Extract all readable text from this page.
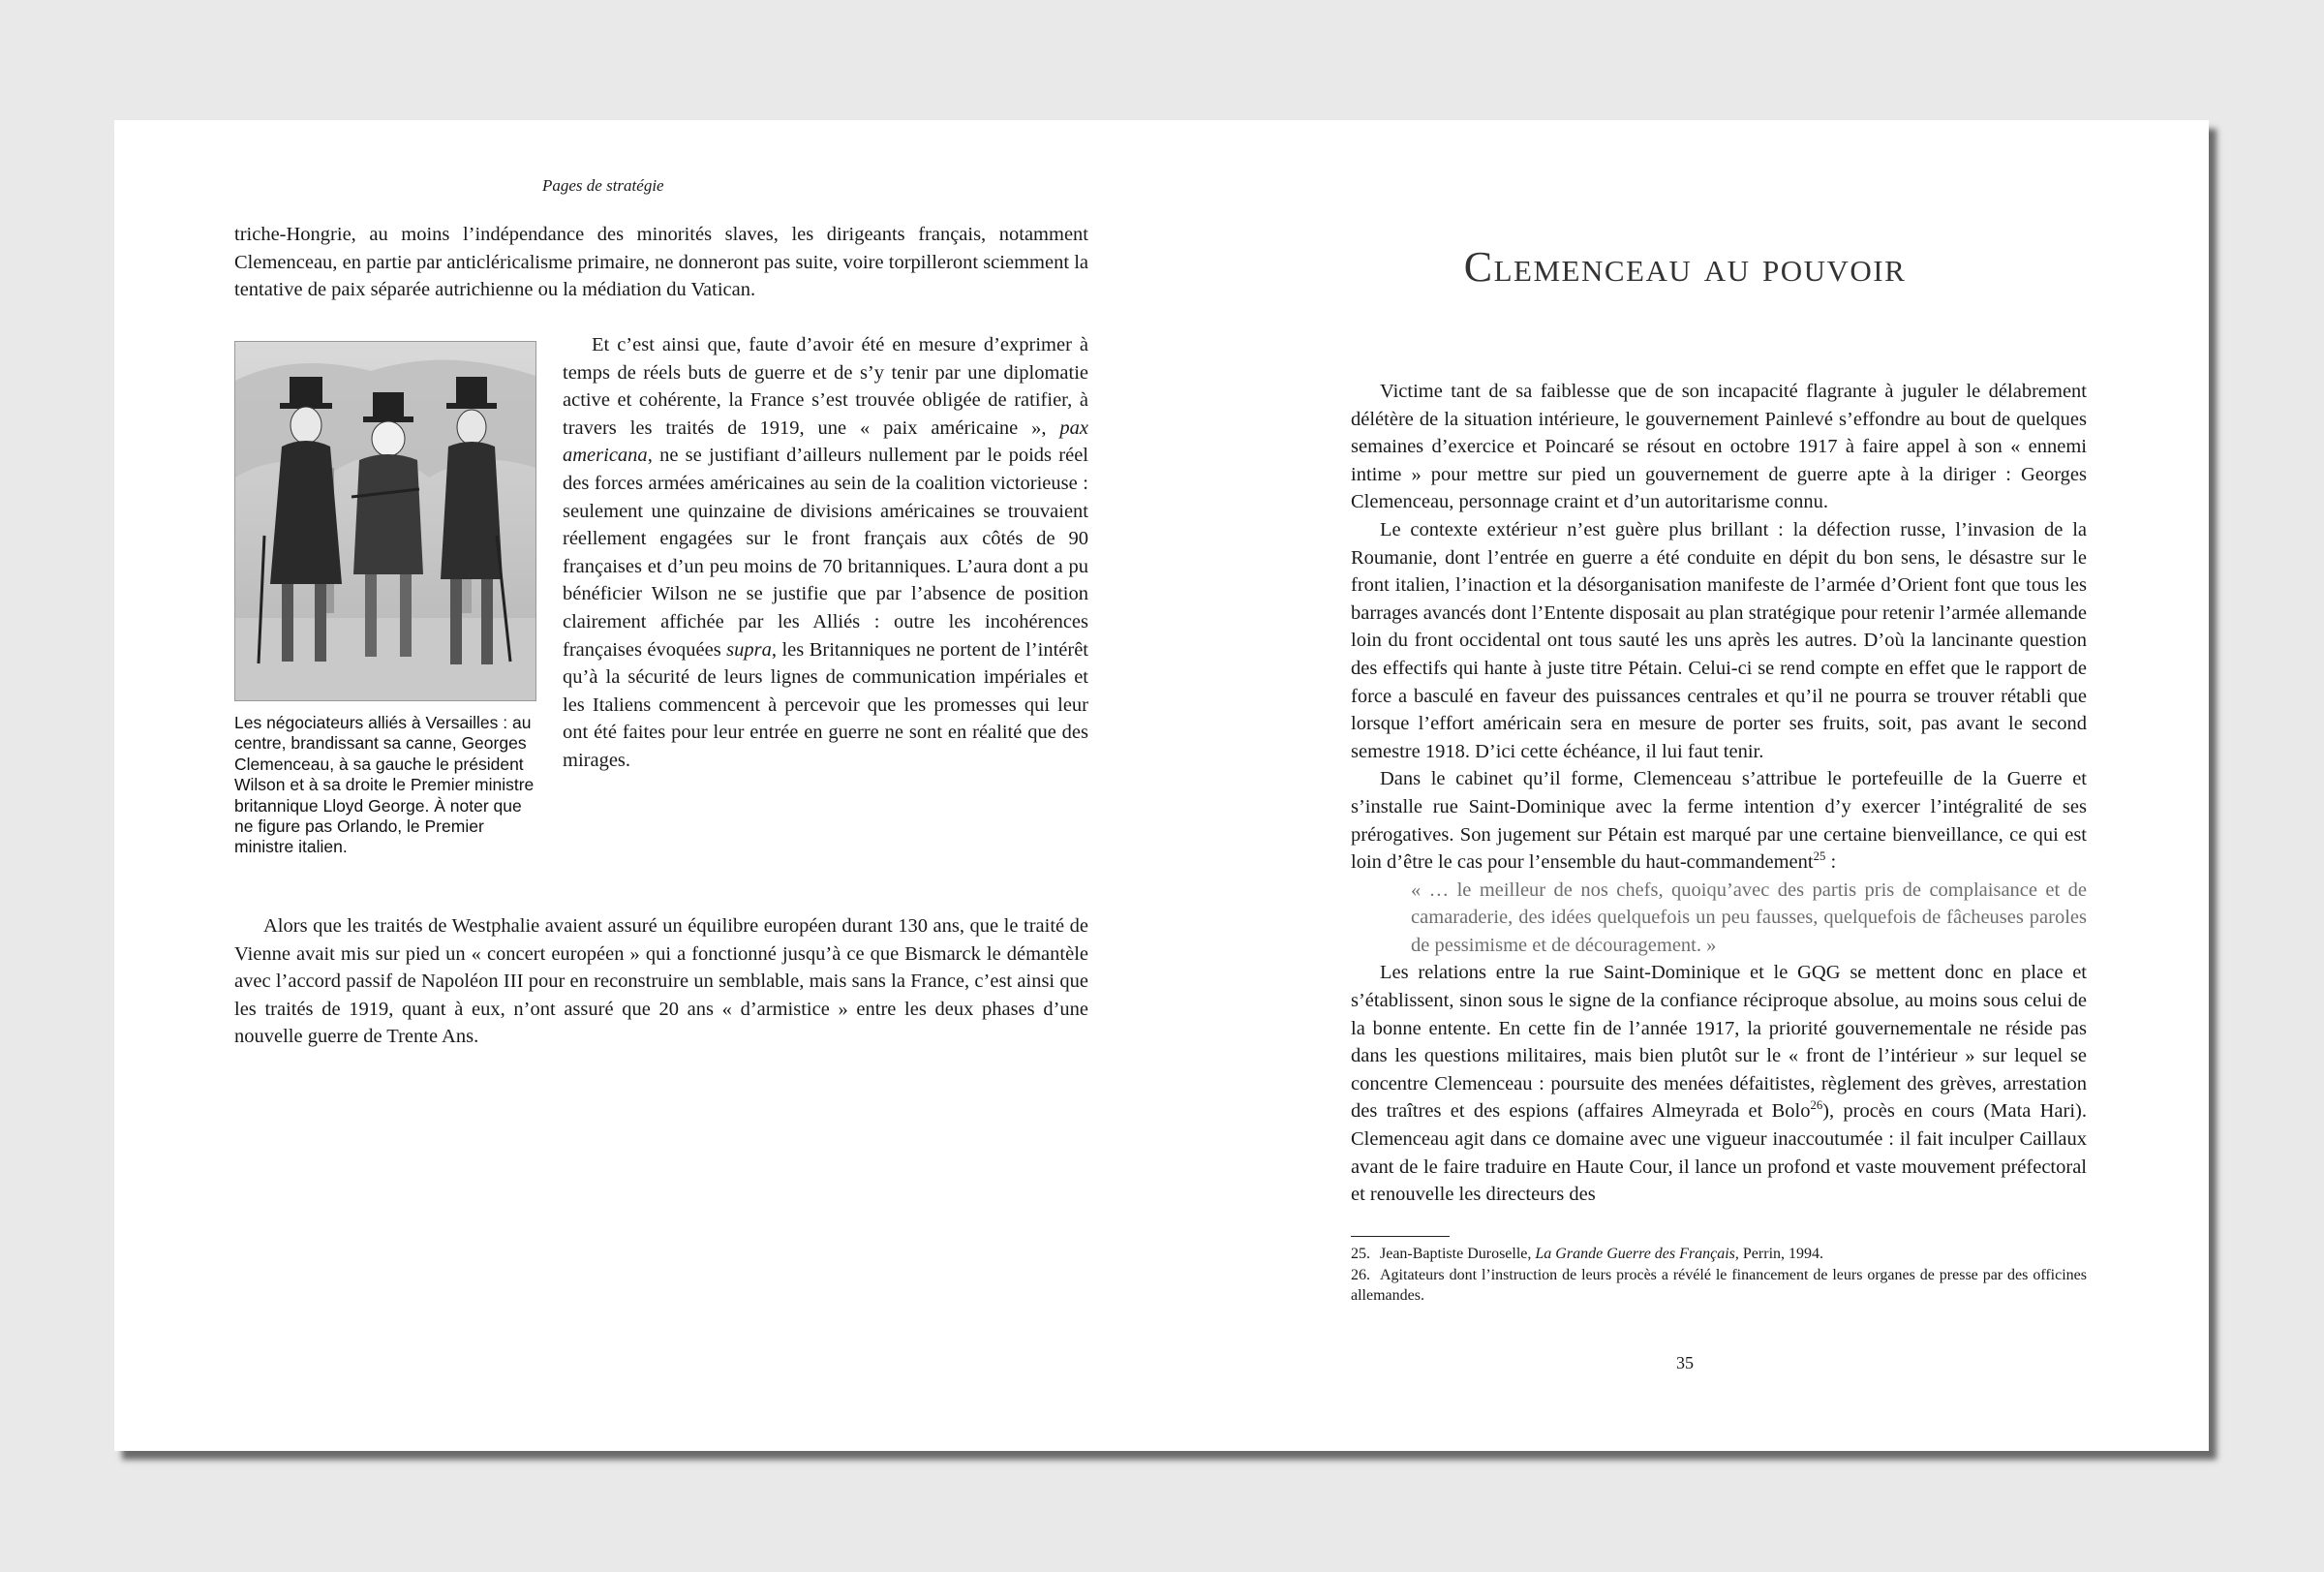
Pages de stratégie

triche-Hongrie, au moins l’indépendance des minorités slaves, les dirigeants français, notamment Clemenceau, en partie par anticléricalisme primaire, ne donneront pas suite, voire torpilleront sciemment la tentative de paix séparée autrichienne ou la médiation du Vatican.

Les négociateurs alliés à Versailles : au centre, brandissant sa canne, Georges Clemenceau, à sa gauche le président Wilson et à sa droite le Premier ministre britannique Lloyd George. À noter que ne figure pas Orlando, le Premier ministre italien.

Et c’est ainsi que, faute d’avoir été en mesure d’exprimer à temps de réels buts de guerre et de s’y tenir par une diplomatie active et cohérente, la France s’est trouvée obligée de ratifier, à travers les traités de 1919, une « paix américaine », pax americana, ne se justifiant d’ailleurs nullement par le poids réel des forces armées américaines au sein de la coalition victorieuse : seulement une quinzaine de divisions américaines se trouvaient réellement engagées sur le front français aux côtés de 90 françaises et d’un peu moins de 70 britanniques. L’aura dont a pu bénéficier Wilson ne se justifie que par l’absence de position clairement affichée par les Alliés : outre les incohérences françaises évoquées supra, les Britanniques ne portent de l’intérêt qu’à la sécurité de leurs lignes de communication impériales et les Italiens commencent à percevoir que les promesses qui leur ont été faites pour leur entrée en guerre ne sont en réalité que des mirages.

Alors que les traités de Westphalie avaient assuré un équilibre européen durant 130 ans, que le traité de Vienne avait mis sur pied un « concert européen » qui a fonctionné jusqu’à ce que Bismarck le démantèle avec l’accord passif de Napoléon III pour en reconstruire un semblable, mais sans la France, c’est ainsi que les traités de 1919, quant à eux, n’ont assuré que 20 ans « d’armistice » entre les deux phases d’une nouvelle guerre de Trente Ans.

Clemenceau au pouvoir

Victime tant de sa faiblesse que de son incapacité flagrante à juguler le délabrement délétère de la situation intérieure, le gouvernement Painlevé s’effondre au bout de quelques semaines d’exercice et Poincaré se résout en octobre 1917 à faire appel à son « ennemi intime » pour mettre sur pied un gouvernement de guerre apte à la diriger : Georges Clemenceau, personnage craint et d’un autoritarisme connu.

Le contexte extérieur n’est guère plus brillant : la défection russe, l’invasion de la Roumanie, dont l’entrée en guerre a été conduite en dépit du bon sens, le désastre sur le front italien, l’inaction et la désorganisation manifeste de l’armée d’Orient font que tous les barrages avancés dont l’Entente disposait au plan stratégique pour retenir l’armée allemande loin du front occidental ont tous sauté les uns après les autres. D’où la lancinante question des effectifs qui hante à juste titre Pétain. Celui-ci se rend compte en effet que le rapport de force a basculé en faveur des puissances centrales et qu’il ne pourra se trouver rétabli que lorsque l’effort américain sera en mesure de porter ses fruits, soit, pas avant le second semestre 1918. D’ici cette échéance, il lui faut tenir.

Dans le cabinet qu’il forme, Clemenceau s’attribue le portefeuille de la Guerre et s’installe rue Saint-Dominique avec la ferme intention d’y exercer l’intégralité de ses prérogatives. Son jugement sur Pétain est marqué par une certaine bienveillance, ce qui est loin d’être le cas pour l’ensemble du haut-commandement$^{25}$ :

« … le meilleur de nos chefs, quoiqu’avec des partis pris de complaisance et de camaraderie, des idées quelquefois un peu fausses, quelquefois de fâcheuses paroles de pessimisme et de découragement. »

Les relations entre la rue Saint-Dominique et le GQG se mettent donc en place et s’établissent, sinon sous le signe de la confiance réciproque absolue, au moins sous celui de la bonne entente. En cette fin de l’année 1917, la priorité gouvernementale ne réside pas dans les questions militaires, mais bien plutôt sur le « front de l’intérieur » sur lequel se concentre Clemenceau : poursuite des menées défaitistes, règlement des grèves, arrestation des traîtres et des espions (affaires Almeyrada et Bolo$^{26}$), procès en cours (Mata Hari). Clemenceau agit dans ce domaine avec une vigueur inaccoutumée : il fait inculper Caillaux avant de le faire traduire en Haute Cour, il lance un profond et vaste mouvement préfectoral et renouvelle les directeurs des

25. Jean-Baptiste Duroselle, La Grande Guerre des Français, Perrin, 1994.

26. Agitateurs dont l’instruction de leurs procès a révélé le financement de leurs organes de presse par des officines allemandes.

35
